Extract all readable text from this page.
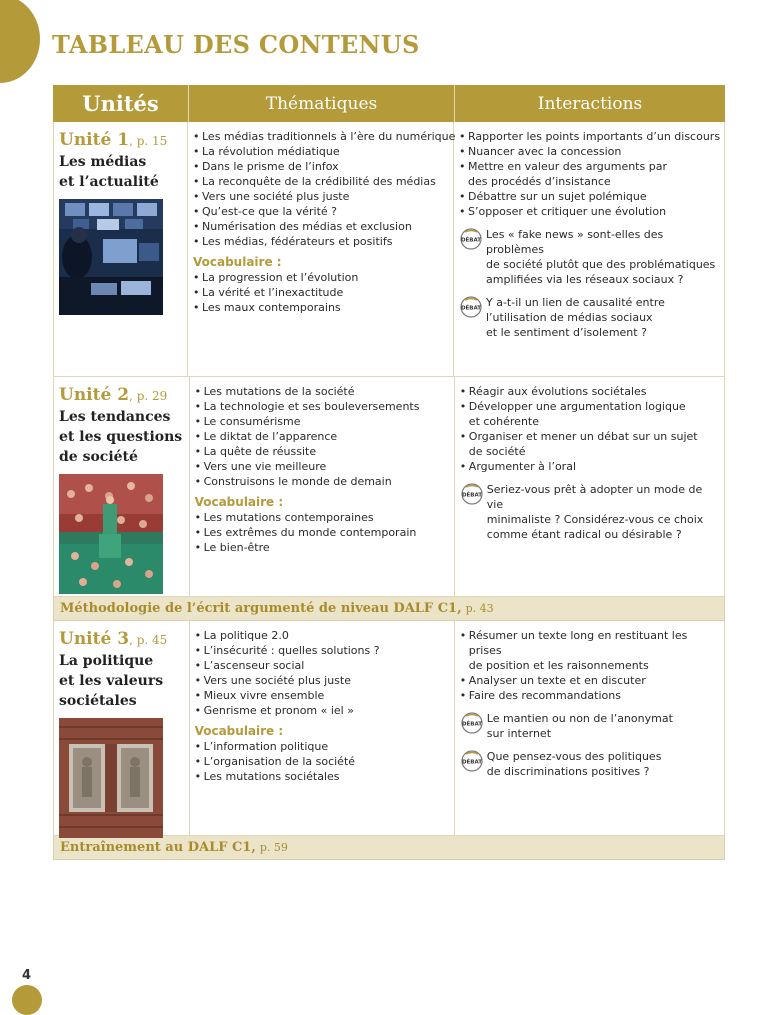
TABLEAU DES CONTENUS
Unités	Thématiques	Interactions
Unité 1, p. 15
Les médias
et l’actualité
• Les médias traditionnels à l’ère du numérique
• La révolution médiatique
• Dans le prisme de l’infox
• La reconquête de la crédibilité des médias
• Vers une société plus juste
• Qu’est-ce que la vérité ?
• Numérisation des médias et exclusion
• Les médias, fédérateurs et positifs
Vocabulaire :
• La progression et l’évolution
• La vérité et l’inexactitude
• Les maux contemporains
• Rapporter les points importants d’un discours
• Nuancer avec la concession
• Mettre en valeur des arguments par
des procédés d’insistance
• Débattre sur un sujet polémique
• S’opposer et critiquer une évolution
DÉBAT Les « fake news » sont-elles des problèmes
de société plutôt que des problématiques
amplifiées via les réseaux sociaux ?
DÉBAT Y a-t-il un lien de causalité entre
l’utilisation de médias sociaux
et le sentiment d’isolement ?
Unité 2, p. 29
Les tendances
et les questions
de société
• Les mutations de la société
• La technologie et ses bouleversements
• Le consumérisme
• Le diktat de l’apparence
• La quête de réussite
• Vers une vie meilleure
• Construisons le monde de demain
Vocabulaire :
• Les mutations contemporaines
• Les extrêmes du monde contemporain
• Le bien-être
• Réagir aux évolutions sociétales
• Développer une argumentation logique
et cohérente
• Organiser et mener un débat sur un sujet
de société
• Argumenter à l’oral
DÉBAT Seriez-vous prêt à adopter un mode de vie
minimaliste ? Considérez-vous ce choix
comme étant radical ou désirable ?
Méthodologie de l’écrit argumenté de niveau DALF C1, p. 43
Unité 3, p. 45
La politique
et les valeurs
sociétales
• La politique 2.0
• L’insécurité : quelles solutions ?
• L’ascenseur social
• Vers une société plus juste
• Mieux vivre ensemble
• Genrisme et pronom « iel »
Vocabulaire :
• L’information politique
• L’organisation de la société
• Les mutations sociétales
• Résumer un texte long en restituant les prises
de position et les raisonnements
• Analyser un texte et en discuter
• Faire des recommandations
DÉBAT Le mantien ou non de l’anonymat
sur internet
DÉBAT Que pensez-vous des politiques
de discriminations positives ?
Entraînement au DALF C1, p. 59
4
